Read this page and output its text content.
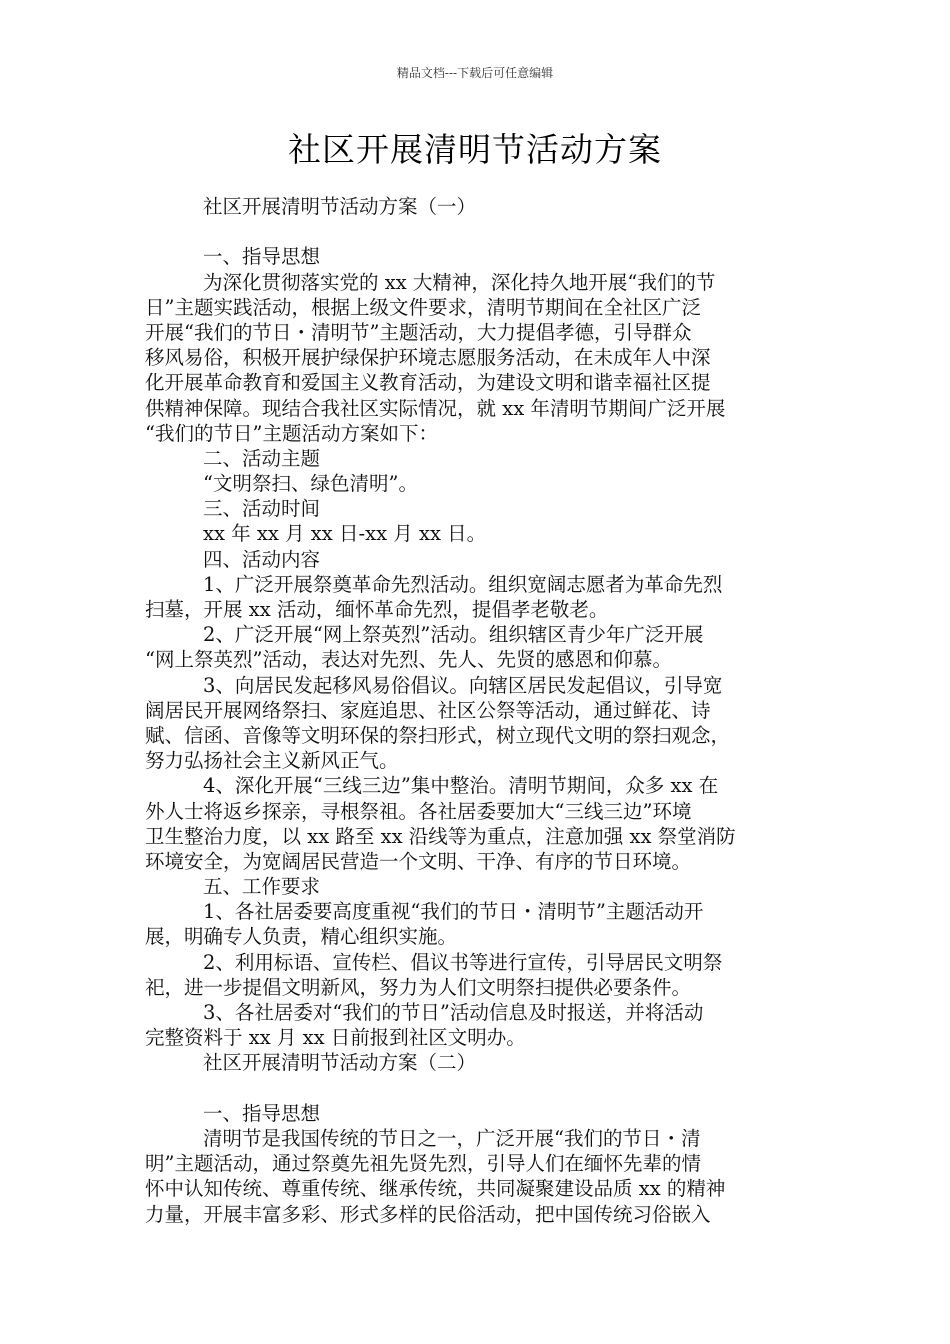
精品文档---下载后可任意编辑
社区开展清明节活动方案
社区开展清明节活动方案（一）
一、指导思想
为深化贯彻落实党的 xx 大精神，深化持久地开展“我们的节
日”主题实践活动，根据上级文件要求，清明节期间在全社区广泛
开展“我们的节日・清明节”主题活动，大力提倡孝德，引导群众
移风易俗，积极开展护绿保护环境志愿服务活动，在未成年人中深
化开展革命教育和爱国主义教育活动，为建设文明和谐幸福社区提
供精神保障。现结合我社区实际情况，就 xx 年清明节期间广泛开展
“我们的节日”主题活动方案如下：
二、活动主题
“文明祭扫、绿色清明”。
三、活动时间
xx 年 xx 月 xx 日-xx 月 xx 日。
四、活动内容
1、广泛开展祭奠革命先烈活动。组织宽阔志愿者为革命先烈
扫墓，开展 xx 活动，缅怀革命先烈，提倡孝老敬老。
2、广泛开展“网上祭英烈”活动。组织辖区青少年广泛开展
“网上祭英烈”活动，表达对先烈、先人、先贤的感恩和仰慕。
3、向居民发起移风易俗倡议。向辖区居民发起倡议，引导宽
阔居民开展网络祭扫、家庭追思、社区公祭等活动，通过鲜花、诗
赋、信函、音像等文明环保的祭扫形式，树立现代文明的祭扫观念，
努力弘扬社会主义新风正气。
4、深化开展“三线三边”集中整治。清明节期间，众多 xx 在
外人士将返乡探亲，寻根祭祖。各社居委要加大“三线三边”环境
卫生整治力度，以 xx 路至 xx 沿线等为重点，注意加强 xx 祭堂消防
环境安全，为宽阔居民营造一个文明、干净、有序的节日环境。
五、工作要求
1、各社居委要高度重视“我们的节日・清明节”主题活动开
展，明确专人负责，精心组织实施。
2、利用标语、宣传栏、倡议书等进行宣传，引导居民文明祭
祀，进一步提倡文明新风，努力为人们文明祭扫提供必要条件。
3、各社居委对“我们的节日”活动信息及时报送，并将活动
完整资料于 xx 月 xx 日前报到社区文明办。
社区开展清明节活动方案（二）
一、指导思想
清明节是我国传统的节日之一，广泛开展“我们的节日・清
明”主题活动，通过祭奠先祖先贤先烈，引导人们在缅怀先辈的情
怀中认知传统、尊重传统、继承传统，共同凝聚建设品质 xx 的精神
力量，开展丰富多彩、形式多样的民俗活动，把中国传统习俗嵌入
